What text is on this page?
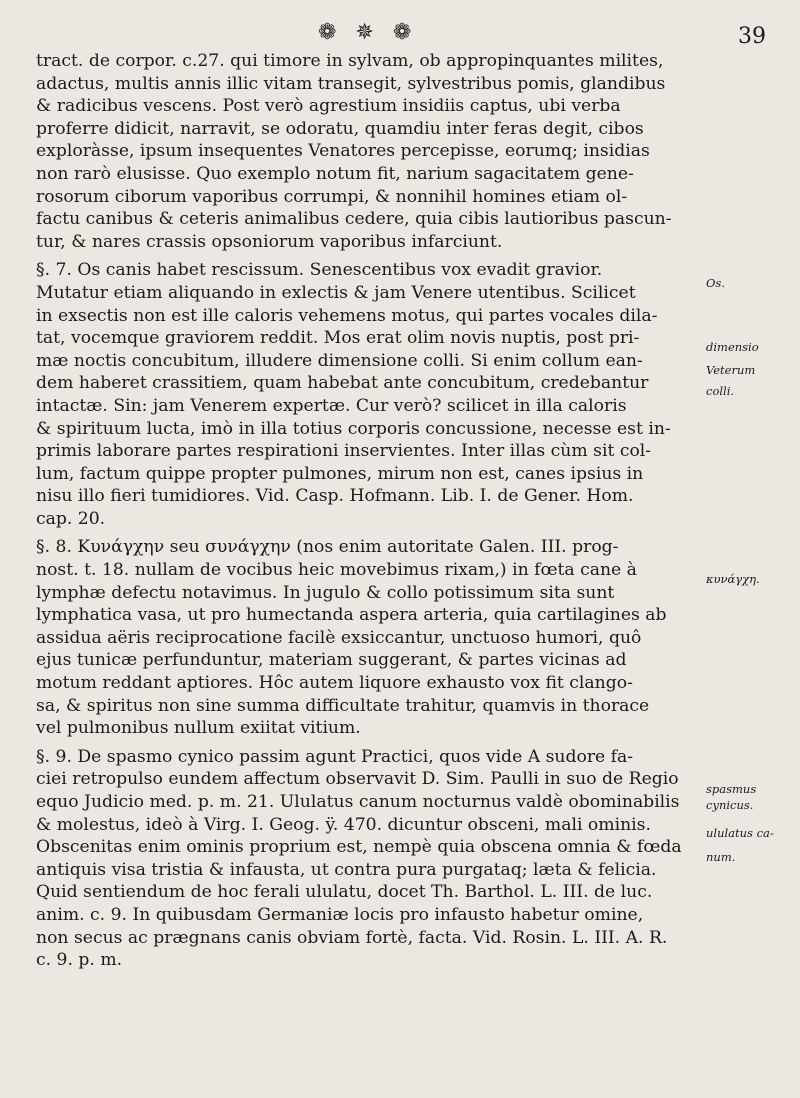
❁ ✵ ❁	39
tract. de corpor. c.27. qui timore in sylvam, ob appropinquantes milites,
adactus, multis annis illic vitam transegit, sylvestribus pomis, glandibus
& radicibus vescens. Post verò agrestium insidiis captus, ubi verba
proferre didicit, narravit, se odoratu, quamdiu inter feras degit, cibos
exploràsse, ipsum insequentes Venatores percepisse, eorumq; insidias
non rarò elusisse. Quo exemplo notum fit, narium sagacitatem gene-
rosorum ciborum vaporibus corrumpi, & nonnihil homines etiam ol-
factu canibus & ceteris animalibus cedere, quia cibis lautioribus pascun-
tur, & nares crassis opsoniorum vaporibus infarciunt.
§. 7. Os canis habet rescissum. Senescentibus vox evadit gravior.
Mutatur etiam aliquando in exlectis & jam Venere utentibus. Scilicet
in exsectis non est ille caloris vehemens motus, qui partes vocales dila-
tat, vocemque graviorem reddit. Mos erat olim novis nuptis, post pri-
mæ noctis concubitum, illudere dimensione colli. Si enim collum ean-
dem haberet crassitiem, quam habebat ante concubitum, credebantur
intactæ. Sin: jam Venerem expertæ. Cur verò? scilicet in illa caloris
& spirituum lucta, imò in illa totius corporis concussione, necesse est in-
primis laborare partes respirationi inservientes. Inter illas cùm sit col-
lum, factum quippe propter pulmones, mirum non est, canes ipsius in
nisu illo fieri tumidiores. Vid. Casp. Hofmann. Lib. I. de Gener. Hom.
cap. 20.
§. 8. Κυνάγχην seu συνάγχην (nos enim autoritate Galen. III. prog-
nost. t. 18. nullam de vocibus heic movebimus rixam,) in fœta cane à
lymphæ defectu notavimus. In jugulo & collo potissimum sita sunt
lymphatica vasa, ut pro humectanda aspera arteria, quia cartilagines ab
assidua aëris reciprocatione facilè exsiccantur, unctuoso humori, quô
ejus tunicæ perfunduntur, materiam suggerant, & partes vicinas ad
motum reddant aptiores. Hôc autem liquore exhausto vox fit clango-
sa, & spiritus non sine summa difficultate trahitur, quamvis in thorace
vel pulmonibus nullum exiitat vitium.
§. 9. De spasmo cynico passim agunt Practici, quos vide A sudore fa-
ciei retropulso eundem affectum observavit D. Sim. Paulli in suo de Regio
equo Judicio med. p. m. 21. Ululatus canum nocturnus valdè obominabilis
& molestus, ideò à Virg. I. Geog. ÿ. 470. dicuntur obsceni, mali ominis.
Obscenitas enim ominis proprium est, nempè quia obscena omnia & fœda
antiquis visa tristia & infausta, ut contra pura purgataq; læta & felicia.
Quid sentiendum de hoc ferali ululatu, docet Th. Barthol. L. III. de luc.
anim. c. 9. In quibusdam Germaniæ locis pro infausto habetur omine,
non secus ac prægnans canis obviam fortè, facta. Vid. Rosin. L. III. A. R.
c. 9. p. m.
Os.
dimensio
Veterum
colli.
κυνάγχη.
spasmus
cynicus.
ululatus ca-
num.
